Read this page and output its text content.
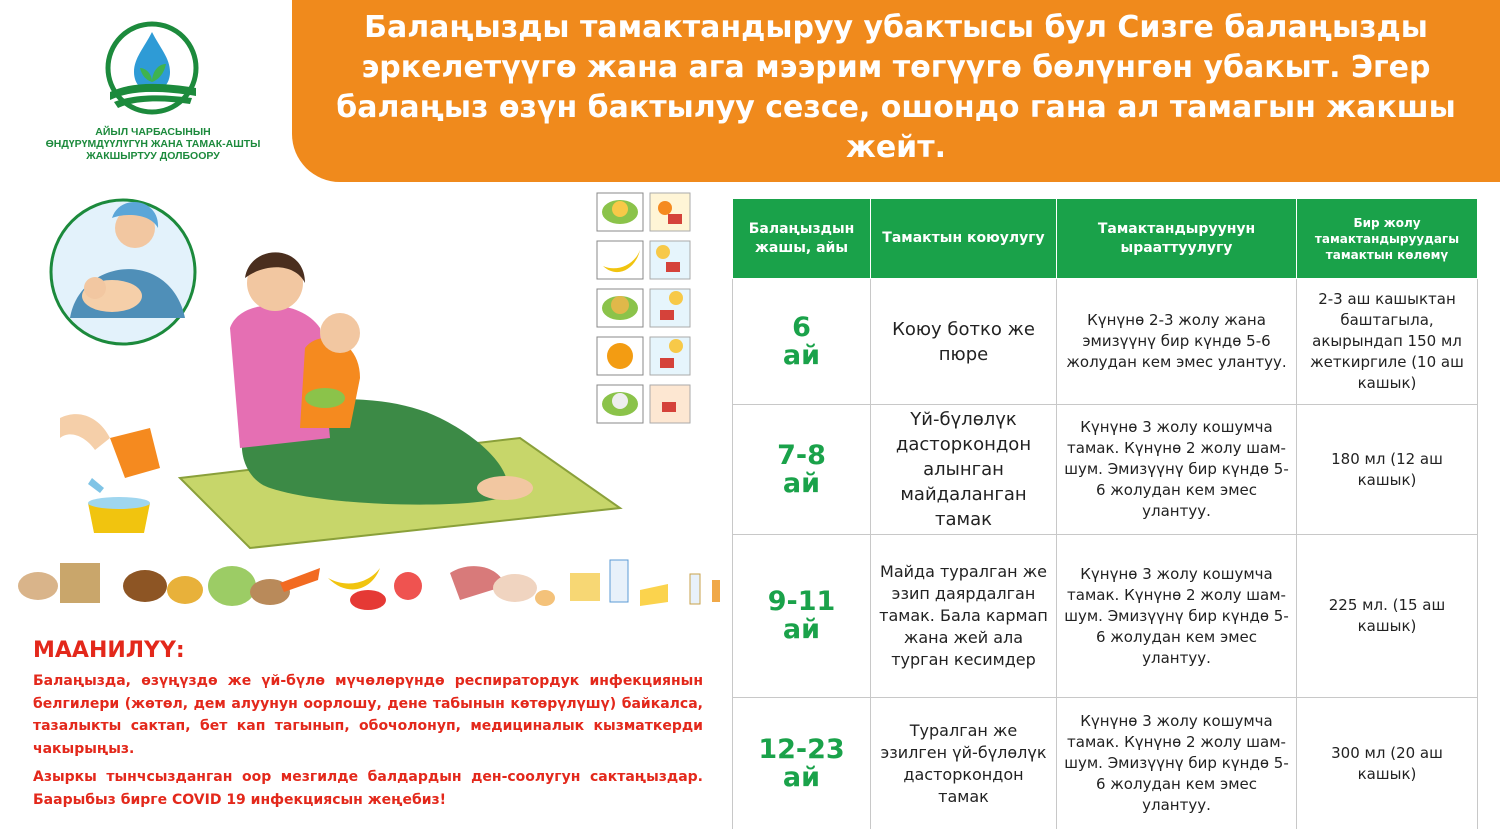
АЙЫЛ ЧАРБАСЫНЫН
ӨНДҮРҮМДҮҮЛҮГҮН ЖАНА ТАМАК-АШТЫ
ЖАКШЫРТУУ ДОЛБООРУ
Балаңызды тамактандыруу убактысы бул Сизге балаңызды эркелетүүгө жана ага мээрим төгүүгө бөлүнгөн убакыт. Эгер балаңыз өзүн бактылуу сезсе, ошондо гана ал тамагын жакшы жейт.
МААНИЛҮҮ:

Балаңызда, өзүңүздө же үй-бүлө мүчөлөрүндө респиратордук инфекциянын белгилери (жөтөл, дем алуунун оорлошу, дене табынын көтөрүлүшү) байкалса, тазалыкты сактап, бет кап тагынып, обочолонуп, медициналык кызматкерди чакырыңыз.

Азыркы тынчсызданган оор мезгилде балдардын ден-соолугун сактаңыздар. Баарыбыз бирге COVID 19 инфекциясын жеңебиз!

Балаңыздын жашы, айы	Тамактын коюулугу	Тамактандыруунун ырааттуулугу	Бир жолу тамактандыруудагы тамактын көлөмү

6
ай	Коюу ботко же пюре	Күнүнө 2-3 жолу жана эмизүүнү бир күндө 5-6 жолудан кем эмес улантуу.	2-3 аш кашыктан баштагыла, акырындап 150 мл жеткиргиле (10 аш кашык)

7-8
ай	Үй-бүлөлүк дасторкондон алынган майдаланган тамак	Күнүнө 3 жолу кошумча тамак. Күнүнө 2 жолу шам-шум. Эмизүүнү бир күндө 5-6 жолудан кем эмес улантуу.	180 мл (12 аш кашык)

9-11
ай	Майда туралган же эзип даярдалган тамак. Бала кармап жана жей ала турган кесимдер	Күнүнө 3 жолу кошумча тамак. Күнүнө 2 жолу шам-шум. Эмизүүнү бир күндө 5-6 жолудан кем эмес улантуу.	225 мл. (15 аш кашык)

12-23
ай	Туралган же эзилген үй-бүлөлүк дасторкондон тамак	Күнүнө 3 жолу кошумча тамак. Күнүнө 2 жолу шам-шум. Эмизүүнү бир күндө 5-6 жолудан кем эмес улантуу.	300 мл (20 аш кашык)
